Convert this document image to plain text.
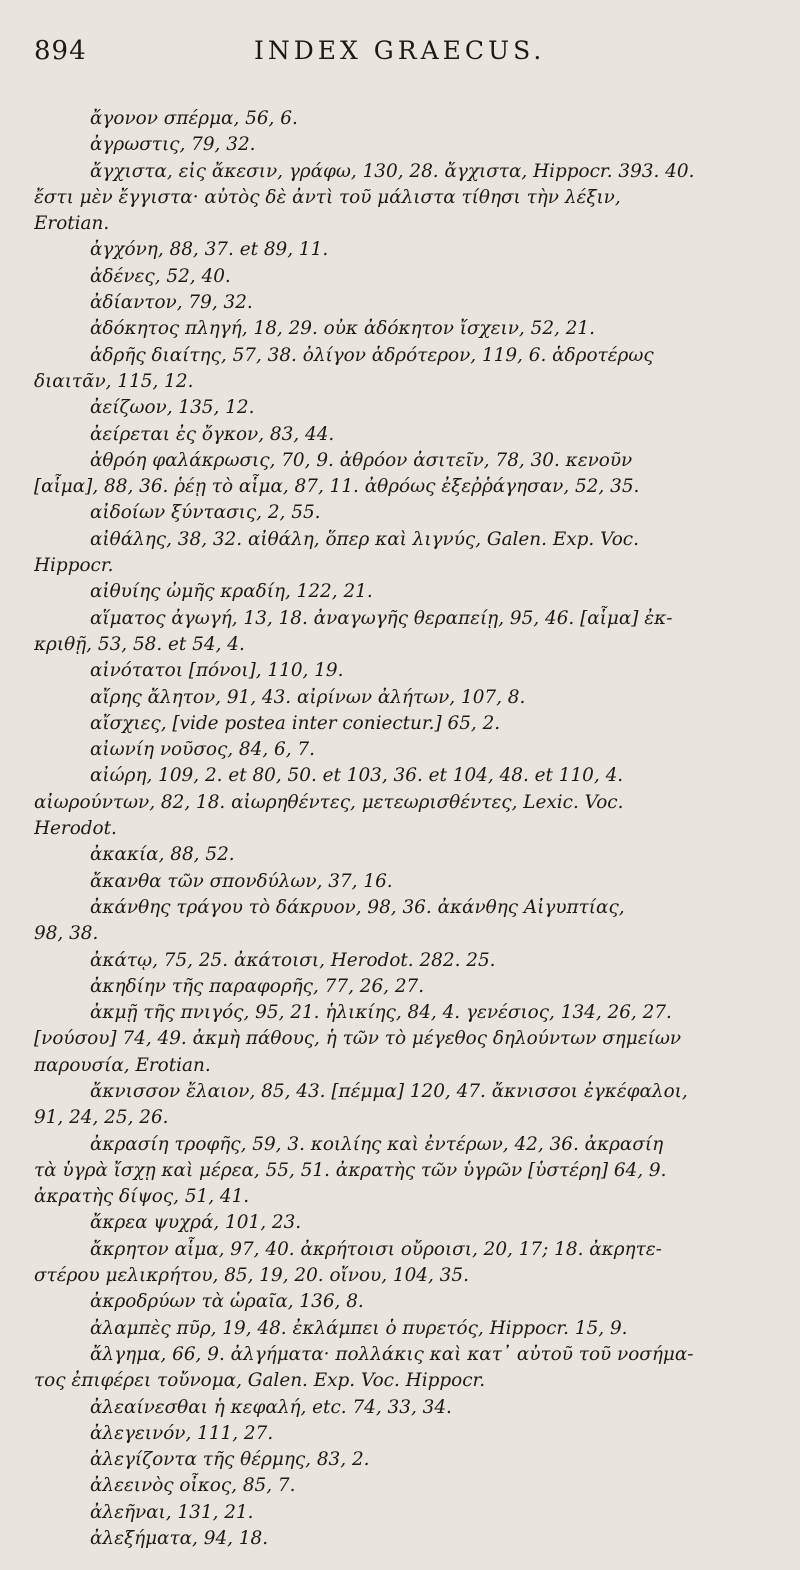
894	INDEX GRAECUS.
ἄγονον σπέρμα, 56, 6.
ἀγρωστις, 79, 32.
ἄγχιστα, εἰς ἄκεσιν, γράφω, 130, 28. ἄγχιστα, Hippocr. 393. 40.
ἔστι μὲν ἔγγιστα· αὐτὸς δὲ ἀντὶ τοῦ μάλιστα τίθησι τὴν λέξιν,
Erotian.
ἀγχόνη, 88, 37. et 89, 11.
ἀδένες, 52, 40.
ἀδίαντον, 79, 32.
ἀδόκητος πληγή, 18, 29. οὐκ ἀδόκητον ἴσχειν, 52, 21.
ἁδρῆς διαίτης, 57, 38. ὀλίγον ἁδρότερον, 119, 6. ἁδροτέρως
διαιτᾶν, 115, 12.
ἀείζωον, 135, 12.
ἀείρεται ἐς ὄγκον, 83, 44.
ἀθρόη φαλάκρωσις, 70, 9. ἀθρόον ἀσιτεῖν, 78, 30. κενοῦν
[αἷμα], 88, 36. ῥέῃ τὸ αἷμα, 87, 11. ἀθρόως ἐξεῤῥάγησαν, 52, 35.
αἰδοίων ξύντασις, 2, 55.
αἰθάλης, 38, 32. αἰθάλη, ὅπερ καὶ λιγνύς, Galen. Exp. Voc.
Hippocr.
αἰθυίης ὠμῆς κραδίη, 122, 21.
αἵματος ἀγωγή, 13, 18. ἀναγωγῆς θεραπείῃ, 95, 46. [αἷμα] ἐκ-
κριθῇ, 53, 58. et 54, 4.
αἰνότατοι [πόνοι], 110, 19.
αἴρης ἄλητον, 91, 43. αἰρίνων ἀλήτων, 107, 8.
αἴσχιες, [vide postea inter coniectur.] 65, 2.
αἰωνίη νοῦσος, 84, 6, 7.
αἰώρη, 109, 2. et 80, 50. et 103, 36. et 104, 48. et 110, 4.
αἰωρούντων, 82, 18. αἰωρηθέντες, μετεωρισθέντες, Lexic. Voc.
Herodot.
ἀκακία, 88, 52.
ἄκανθα τῶν σπονδύλων, 37, 16.
ἀκάνθης τράγου τὸ δάκρυον, 98, 36. ἀκάνθης Αἰγυπτίας,
98, 38.
ἀκάτῳ, 75, 25. ἀκάτοισι, Herodot. 282. 25.
ἀκηδίην τῆς παραφορῆς, 77, 26, 27.
ἀκμῇ τῆς πνιγός, 95, 21. ἡλικίης, 84, 4. γενέσιος, 134, 26, 27.
[νούσου] 74, 49. ἀκμὴ πάθους, ἡ τῶν τὸ μέγεθος δηλούντων σημείων
παρουσία, Erotian.
ἄκνισσον ἔλαιον, 85, 43. [πέμμα] 120, 47. ἄκνισσοι ἐγκέφαλοι,
91, 24, 25, 26.
ἀκρασίη τροφῆς, 59, 3. κοιλίης καὶ ἐντέρων, 42, 36. ἀκρασίη
τὰ ὑγρὰ ἴσχῃ καὶ μέρεα, 55, 51. ἀκρατὴς τῶν ὑγρῶν [ὑστέρη] 64, 9.
ἀκρατὴς δίψος, 51, 41.
ἄκρεα ψυχρά, 101, 23.
ἄκρητον αἷμα, 97, 40. ἀκρήτοισι οὔροισι, 20, 17; 18. ἀκρητε-
στέρου μελικρήτου, 85, 19, 20. οἴνου, 104, 35.
ἀκροδρύων τὰ ὡραῖα, 136, 8.
ἀλαμπὲς πῦρ, 19, 48. ἐκλάμπει ὁ πυρετός, Hippocr. 15, 9.
ἄλγημα, 66, 9. ἀλγήματα· πολλάκις καὶ κατ᾽ αὐτοῦ τοῦ νοσήμα-
τος ἐπιφέρει τοὔνομα, Galen. Exp. Voc. Hippocr.
ἀλεαίνεσθαι ἡ κεφαλή, etc. 74, 33, 34.
ἀλεγεινόν, 111, 27.
ἀλεγίζοντα τῆς θέρμης, 83, 2.
ἀλεεινὸς οἶκος, 85, 7.
ἀλεῆναι, 131, 21.
ἀλεξήματα, 94, 18.
